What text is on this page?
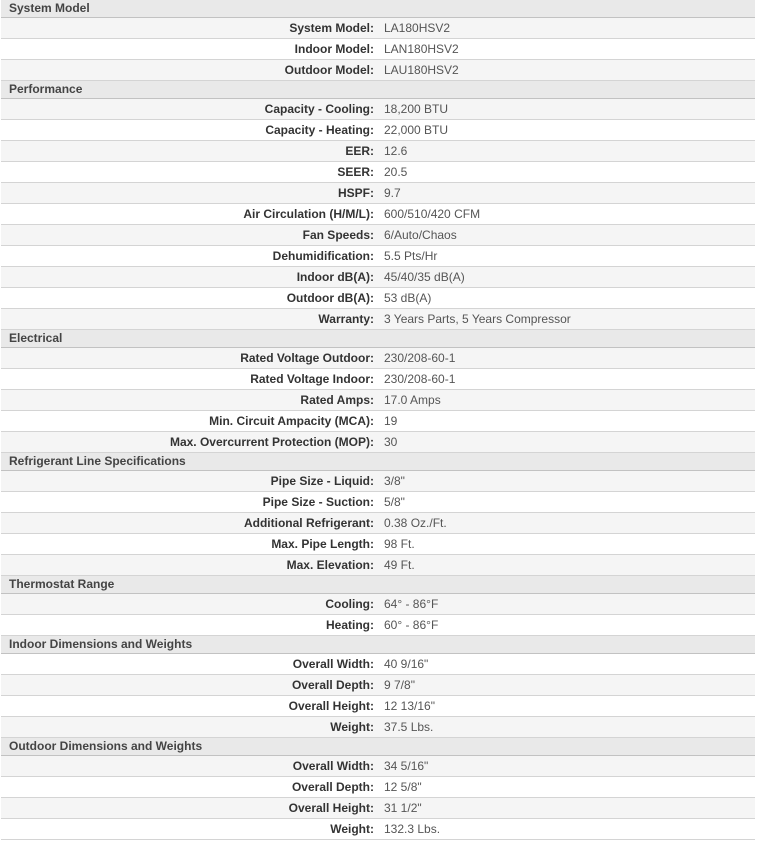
System Model	
System Model:	LA180HSV2
Indoor Model:	LAN180HSV2
Outdoor Model:	LAU180HSV2
Performance	
Capacity - Cooling:	18,200 BTU
Capacity - Heating:	22,000 BTU
EER:	12.6
SEER:	20.5
HSPF:	9.7
Air Circulation (H/M/L):	600/510/420 CFM
Fan Speeds:	6/Auto/Chaos
Dehumidification:	5.5 Pts/Hr
Indoor dB(A):	45/40/35 dB(A)
Outdoor dB(A):	53 dB(A)
Warranty:	3 Years Parts, 5 Years Compressor
Electrical	
Rated Voltage Outdoor:	230/208-60-1
Rated Voltage Indoor:	230/208-60-1
Rated Amps:	17.0 Amps
Min. Circuit Ampacity (MCA):	19
Max. Overcurrent Protection (MOP):	30
Refrigerant Line Specifications	
Pipe Size - Liquid:	3/8"
Pipe Size - Suction:	5/8"
Additional Refrigerant:	0.38 Oz./Ft.
Max. Pipe Length:	98 Ft.
Max. Elevation:	49 Ft.
Thermostat Range	
Cooling:	64° - 86°F
Heating:	60° - 86°F
Indoor Dimensions and Weights	
Overall Width:	40 9/16"
Overall Depth:	9 7/8"
Overall Height:	12 13/16"
Weight:	37.5 Lbs.
Outdoor Dimensions and Weights	
Overall Width:	34 5/16"
Overall Depth:	12 5/8"
Overall Height:	31 1/2"
Weight:	132.3 Lbs.
